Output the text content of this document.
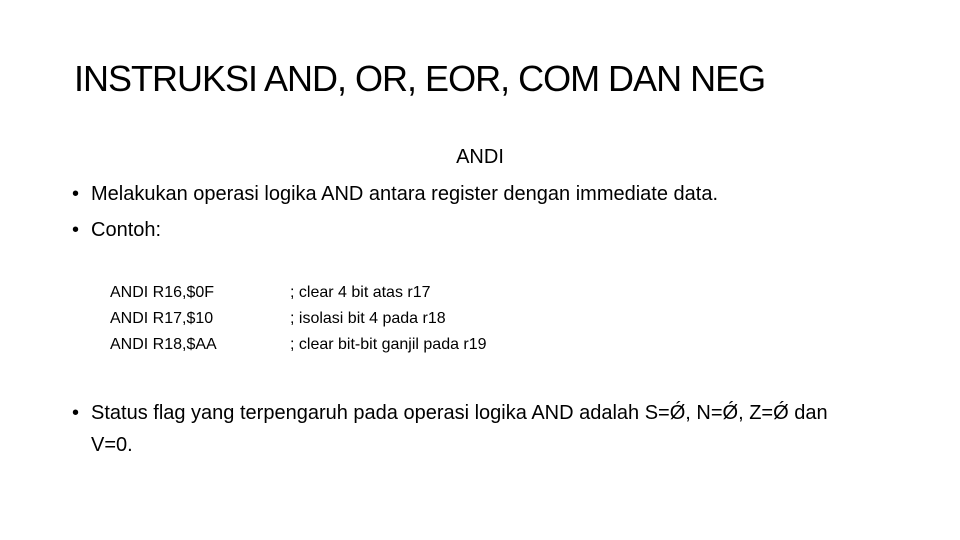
INSTRUKSI AND, OR, EOR, COM DAN NEG
ANDI
• Melakukan operasi logika AND antara register dengan immediate data.
• Contoh:
ANDI R16,$0F
ANDI R17,$10
ANDI R18,$AA
; clear 4 bit atas r17
; isolasi bit 4 pada r18
; clear bit-bit ganjil pada r19
• Status flag yang terpengaruh pada operasi logika AND adalah S=Ǿ, N=Ǿ, Z=Ǿ dan V=0.
